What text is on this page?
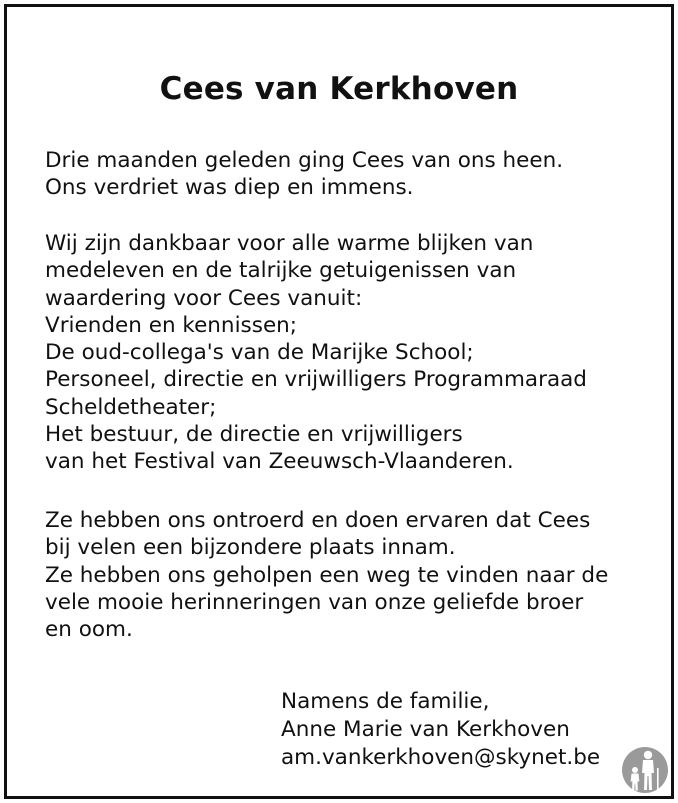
Cees van Kerkhoven

Drie maanden geleden ging Cees van ons heen.
Ons verdriet was diep en immens.

Wij zijn dankbaar voor alle warme blijken van
medeleven en de talrijke getuigenissen van
waardering voor Cees vanuit:
Vrienden en kennissen;
De oud-collega's van de Marijke School;
Personeel, directie en vrijwilligers Programmaraad
Scheldetheater;
Het bestuur, de directie en vrijwilligers
van het Festival van Zeeuwsch-Vlaanderen.

Ze hebben ons ontroerd en doen ervaren dat Cees
bij velen een bijzondere plaats innam.
Ze hebben ons geholpen een weg te vinden naar de
vele mooie herinneringen van onze geliefde broer
en oom.

Namens de familie,
Anne Marie van Kerkhoven
am.vankerkhoven@skynet.be
